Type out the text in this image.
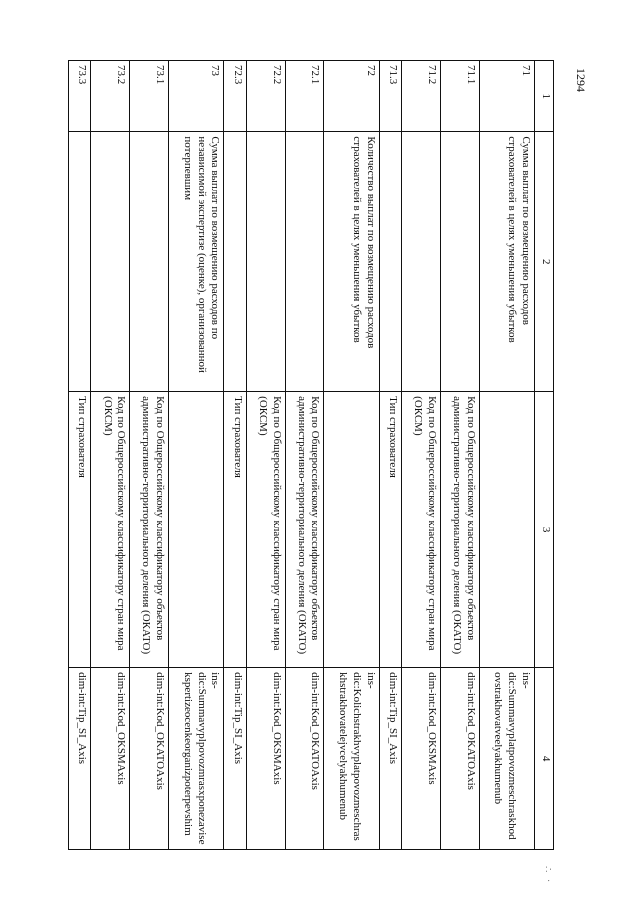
1294
∴ ·
1	2	3	4
71	Сумма выплат по возмещению расходов страхователей в целях уменьшения убытков		ins-dic:Summavyplatpovozmeschraskhodovstrakhovatveelyakhumenub
71.1		Код по Общероссийскому классификатору объектов административно-территориального деления (ОКАТО)	dim-int:Kod_OKATOAxis
71.2		Код по Общероссийскому классификатору стран мира (ОКСМ)	dim-int:Kod_OKSMAxis
71.3		Тип страхователя	dim-int:Tip_SI_Axis
72	Количество выплат по возмещению расходов страхователей в целях уменьшения убытков		ins-dic:Kolichstrakhvyplatpovozmeschraskhstrakhovatelejvcelyakhumenub
72.1		Код по Общероссийскому классификатору объектов административно-территориального деления (ОКАТО)	dim-int:Kod_OKATOAxis
72.2		Код по Общероссийскому классификатору стран мира (ОКСМ)	dim-int:Kod_OKSMAxis
72.3		Тип страхователя	dim-int:Tip_SI_Axis
73	Сумма выплат по возмещению расходов по независимой экспертизе (оценке), организованной потерпевшим		ins-dic:Summavyplpovozmrasxponezavisekspertizeocenkeorganizpoterpevshim
73.1		Код по Общероссийскому классификатору объектов административно-территориального деления (ОКАТО)	dim-int:Kod_OKATOAxis
73.2		Код по Общероссийскому классификатору стран мира (ОКСМ)	dim-int:Kod_OKSMAxis
73.3		Тип страхователя	dim-int:Tip_SI_Axis
